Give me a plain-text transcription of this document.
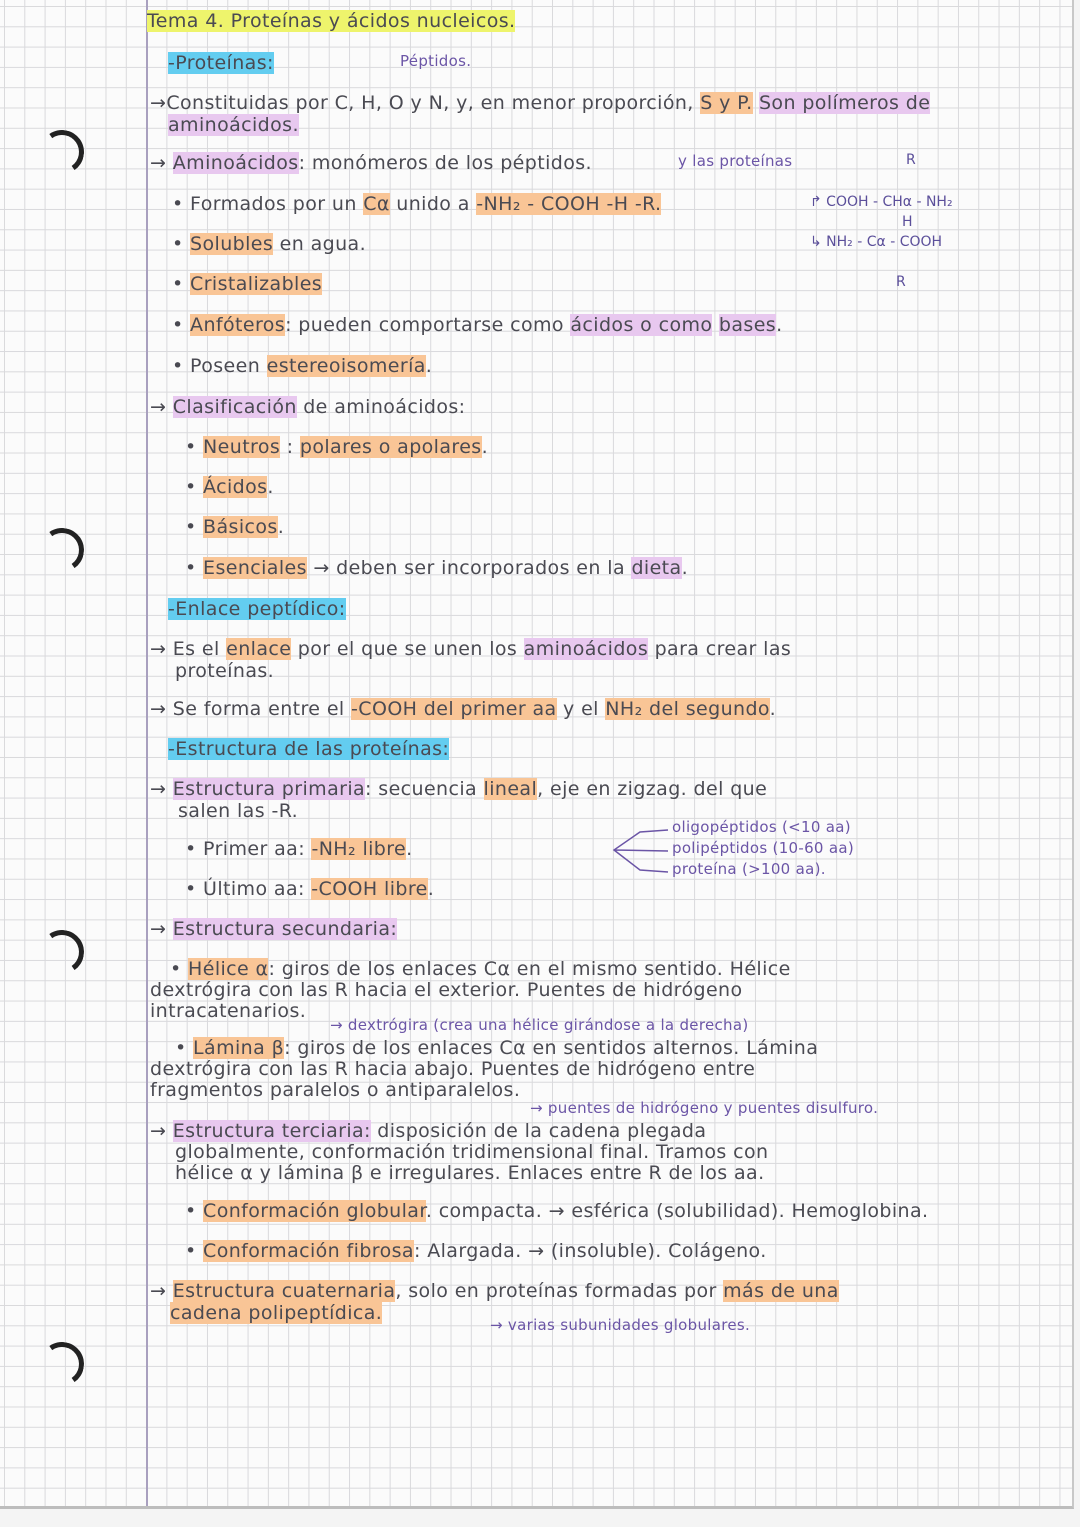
Tema 4. Proteínas y ácidos nucleicos.
-Proteínas:
→Constituidas por C, H, O y N, y, en menor proporción, S y P. Son polímeros de
aminoácidos.
→ Aminoácidos: monómeros de los péptidos.
• Formados por un Cα unido a -NH₂ - COOH -H -R.
• Solubles en agua.
• Cristalizables
• Anfóteros: pueden comportarse como ácidos o como bases.
• Poseen estereoisomería.
→ Clasificación de aminoácidos:
• Neutros : polares o apolares.
• Ácidos.
• Básicos.
• Esenciales → deben ser incorporados en la dieta.
-Enlace peptídico:
→ Es el enlace por el que se unen los aminoácidos para crear las
proteínas.
→ Se forma entre el -COOH del primer aa y el NH₂ del segundo.
-Estructura de las proteínas:
→ Estructura primaria: secuencia lineal, eje en zigzag. del que
salen las -R.
• Primer aa: -NH₂ libre.
• Último aa: -COOH libre.
→ Estructura secundaria:
• Hélice α: giros de los enlaces Cα en el mismo sentido. Hélice
dextrógira con las R hacia el exterior. Puentes de hidrógeno
intracatenarios.
• Lámina β: giros de los enlaces Cα en sentidos alternos. Lámina
dextrógira con las R hacia abajo. Puentes de hidrógeno entre
fragmentos paralelos o antiparalelos.
→ Estructura terciaria: disposición de la cadena plegada
globalmente, conformación tridimensional final. Tramos con
hélice α y lámina β e irregulares. Enlaces entre R de los aa.
• Conformación globular. compacta. → esférica (solubilidad). Hemoglobina.
• Conformación fibrosa: Alargada. → (insoluble). Colágeno.
→ Estructura cuaternaria, solo en proteínas formadas por más de una
cadena polipeptídica.
Péptidos.
y las proteínas
→ dextrógira (crea una hélice girándose a la derecha)
→ puentes de hidrógeno y puentes disulfuro.
→ varias subunidades globulares.
R
↱ COOH - CHα - NH₂
H
↳ NH₂ - Cα - COOH
R
oligopéptidos (<10 aa)
polipéptidos (10-60 aa)
proteína (>100 aa).
